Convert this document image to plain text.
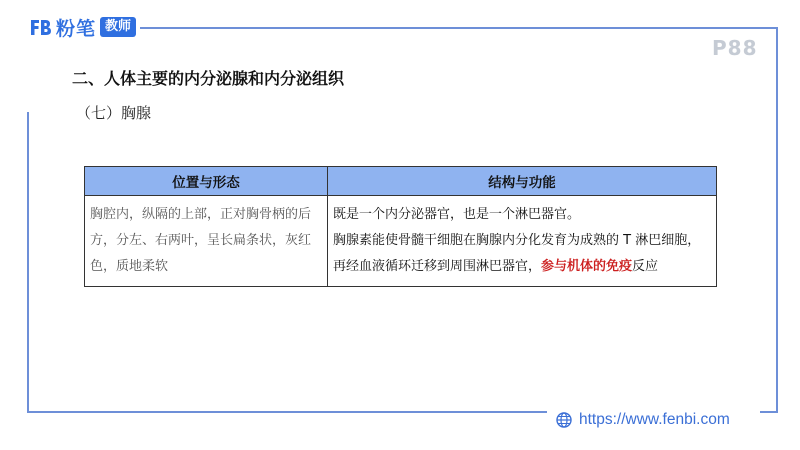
粉笔 教师
P88
二、人体主要的内分泌腺和内分泌组织
（七）胸腺
位置与形态	结构与功能
胸腔内，纵隔的上部，正对胸骨柄的后方，分左、右两叶，呈长扁条状，灰红色，质地柔软	既是一个内分泌器官，也是一个淋巴器官。
胸腺素能使骨髓干细胞在胸腺内分化发育为成熟的 T 淋巴细胞，再经血液循环迁移到周围淋巴器官，参与机体的免疫反应
https://www.fenbi.com
